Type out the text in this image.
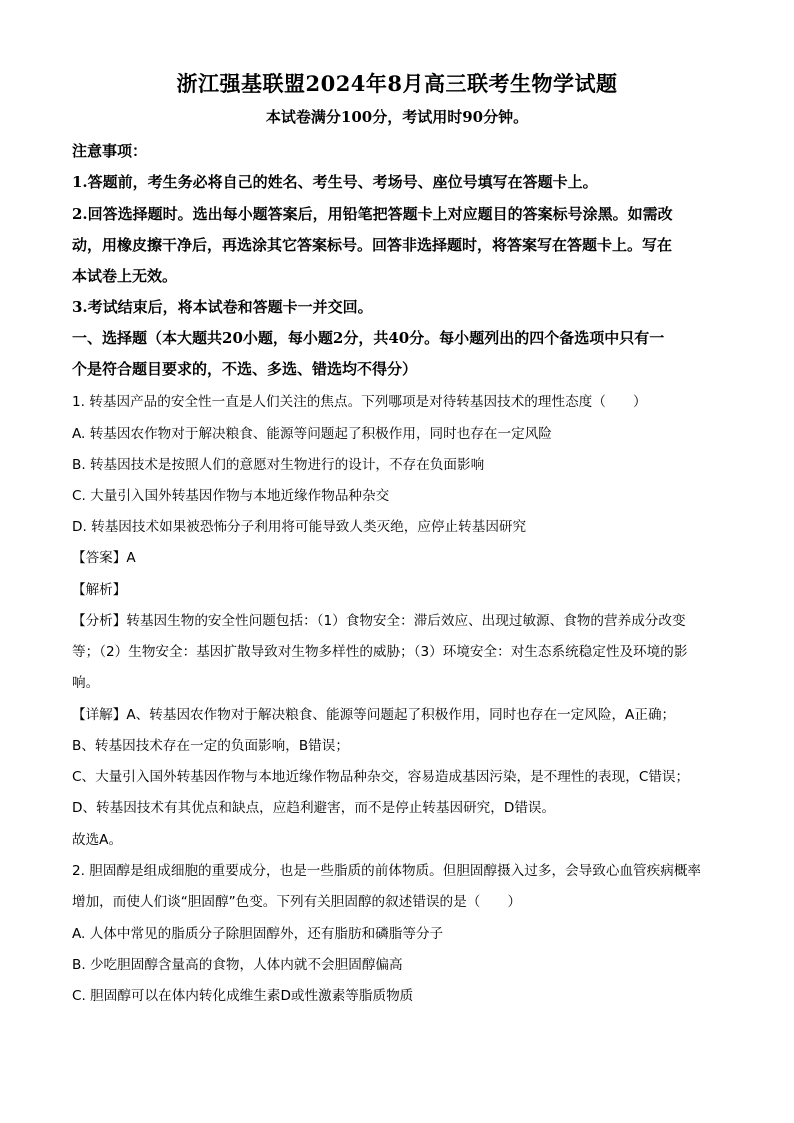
浙江强基联盟2024年8月高三联考生物学试题
本试卷满分100分，考试用时90分钟。
注意事项：
1.答题前，考生务必将自己的姓名、考生号、考场号、座位号填写在答题卡上。
2.回答选择题时。选出每小题答案后，用铅笔把答题卡上对应题目的答案标号涂黑。如需改
动，用橡皮擦干净后，再选涂其它答案标号。回答非选择题时，将答案写在答题卡上。写在
本试卷上无效。
3.考试结束后，将本试卷和答题卡一并交回。
一、选择题（本大题共20小题，每小题2分，共40分。每小题列出的四个备选项中只有一
个是符合题目要求的，不选、多选、错选均不得分）
1. 转基因产品的安全性一直是人们关注的焦点。下列哪项是对待转基因技术的理性态度（　　）
A. 转基因农作物对于解决粮食、能源等问题起了积极作用，同时也存在一定风险
B. 转基因技术是按照人们的意愿对生物进行的设计，不存在负面影响
C. 大量引入国外转基因作物与本地近缘作物品种杂交
D. 转基因技术如果被恐怖分子利用将可能导致人类灭绝，应停止转基因研究
【答案】A
【解析】
【分析】转基因生物的安全性问题包括：（1）食物安全：滞后效应、出现过敏源、食物的营养成分改变
等；（2）生物安全：基因扩散导致对生物多样性的威胁；（3）环境安全：对生态系统稳定性及环境的影
响。
【详解】A、转基因农作物对于解决粮食、能源等问题起了积极作用，同时也存在一定风险，A正确；
B、转基因技术存在一定的负面影响，B错误；
C、大量引入国外转基因作物与本地近缘作物品种杂交，容易造成基因污染，是不理性的表现，C错误；
D、转基因技术有其优点和缺点，应趋利避害，而不是停止转基因研究，D错误。
故选A。
2. 胆固醇是组成细胞的重要成分，也是一些脂质的前体物质。但胆固醇摄入过多，会导致心血管疾病概率
增加，而使人们谈“胆固醇”色变。下列有关胆固醇的叙述错误的是（　　）
A. 人体中常见的脂质分子除胆固醇外，还有脂肪和磷脂等分子
B. 少吃胆固醇含量高的食物，人体内就不会胆固醇偏高
C. 胆固醇可以在体内转化成维生素D或性激素等脂质物质
